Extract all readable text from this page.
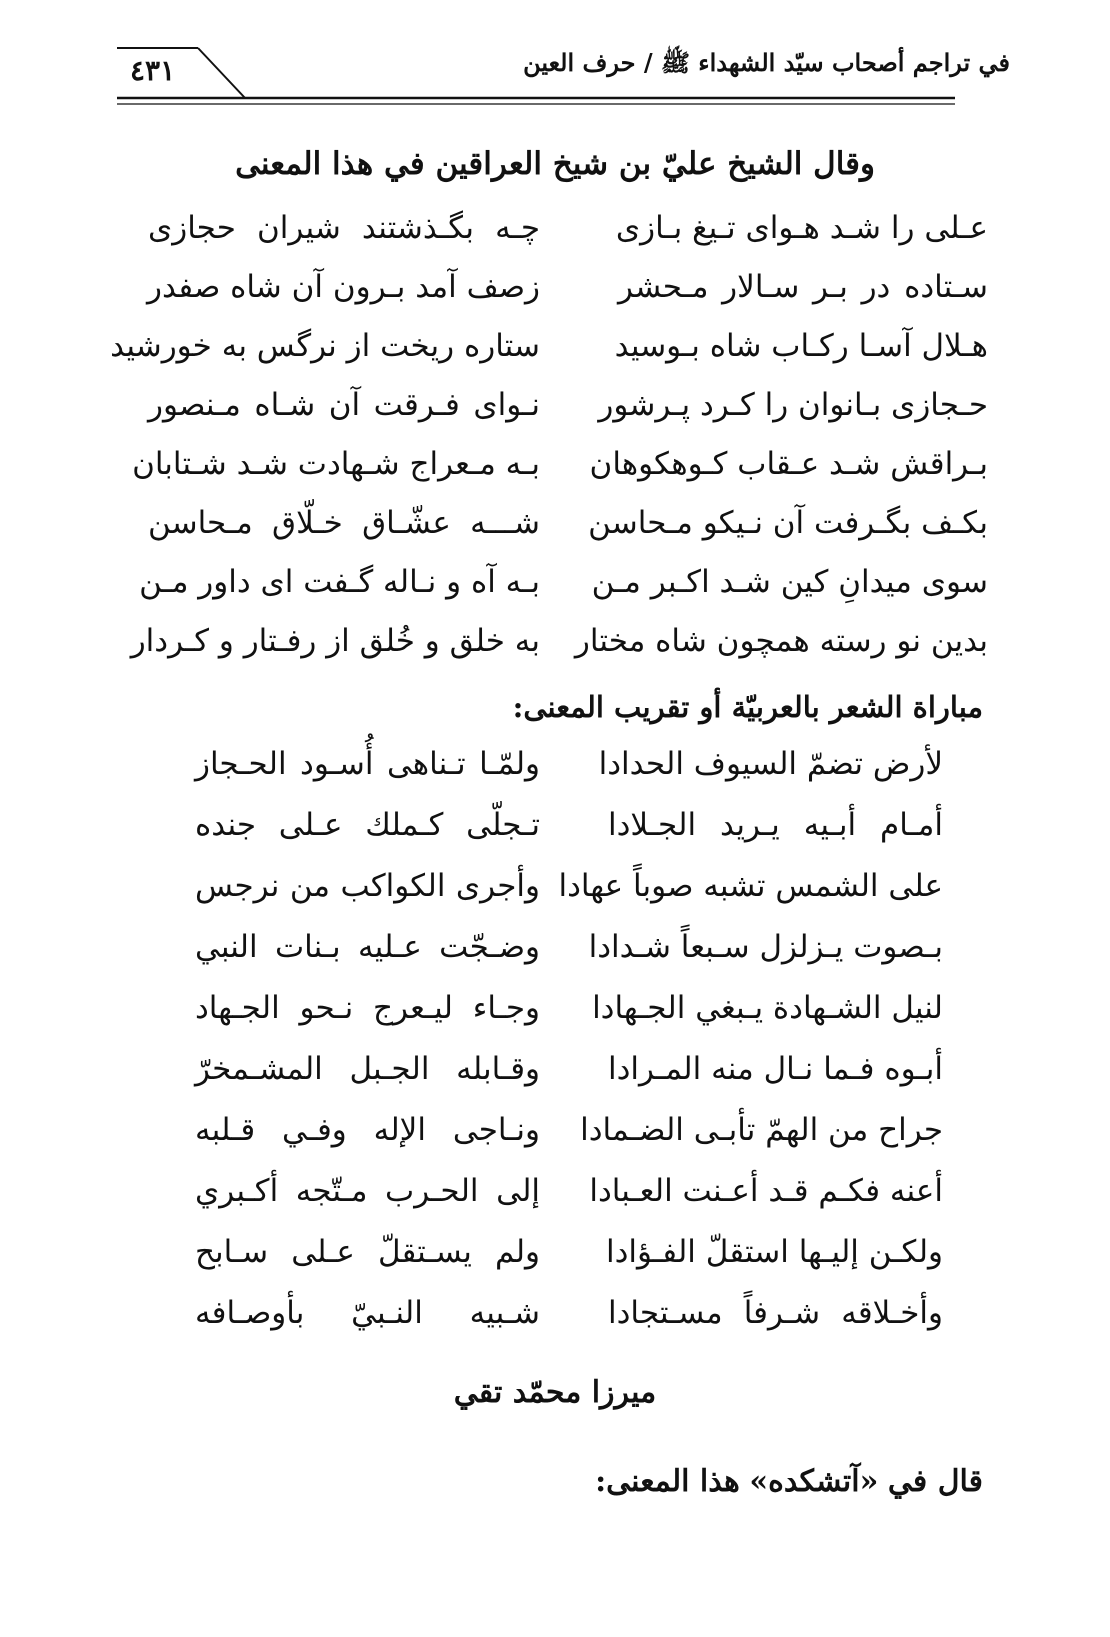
٤٣١	في تراجم أصحاب سيّد الشهداء ﷺ / حرف العين
وقال الشيخ عليّ بن شيخ العراقين في هذا المعنى
چـه بگـذشتند شيران حجازى عـلى را شـد هـواى تـيغ بـازى
زصف آمد بـرون آن شاه صفدر	سـتاده در بـر سـالار مـحشر
ستاره ريخت از نرگس به خورشيد هـلال آسـا ركـاب شاه بـوسيد
نـواى فـرقت آن شـاه مـنصور حـجازى بـانوان را كـرد پـرشور
بـه مـعراج شـهادت شـد شـتابان بـراقش شـد عـقاب كـوهكوهان
شـــه عشّـاق خـلّاق مـحاسن بكـف بگـرفت آن نـيكو مـحاسن
بـه آه و نـاله گـفت اى داور مـن سوى ميدانِ كين شـد اكـبر مـن
به خلق و خُلق از رفـتار و كـردار بدين نو رسته همچون شاه مختار
مباراة الشعر بالعربيّة أو تقريب المعنى:
ولمّـا تـناهى أُسـود الحـجاز لأرض تضمّ السيوف الحدادا
تـجلّى كـملك عـلى جنده أمـام أبـيه يـريد الجـلادا
وأجرى الكواكب من نرجس على الشمس تشبه صوباً عهادا
وضـجّت عـليه بـنات النبي بـصوت يـزلزل سـبعاً شـدادا
وجـاء ليـعرج نـحو الجـهاد لنيل الشـهادة يـبغي الجـهادا
وقـابله الجـبل المشـمخرّ أبـوه فـما نـال منه المـرادا
ونـاجى الإله وفـي قـلبه جراح من الهمّ تأبـى الضـمادا
إلى الحـرب مـتّجه أكـبري أعنه فكـم قـد أعـنت العـبادا
ولم يسـتقلّ عـلى سـابح ولكـن إليـها استقلّ الفـؤادا
شـبيه النـبيّ بأوصـافه وأخـلاقه شـرفاً مسـتجادا
ميرزا محمّد تقي
قال في «آتشكده» هذا المعنى:
